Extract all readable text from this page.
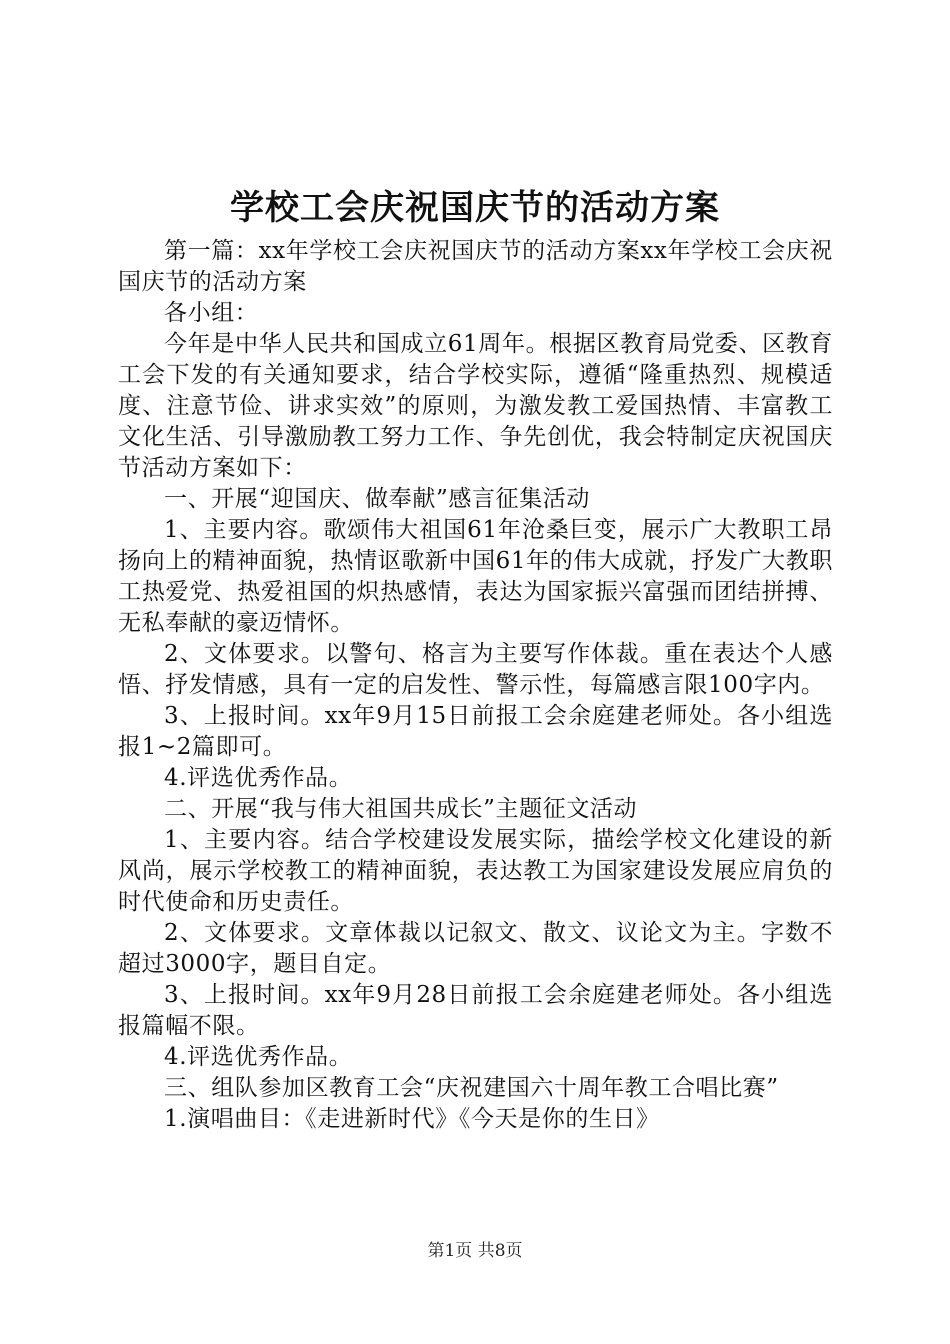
学校工会庆祝国庆节的活动方案

第一篇：xx年学校工会庆祝国庆节的活动方案xx年学校工会庆祝国庆节的活动方案

各小组：

今年是中华人民共和国成立61周年。根据区教育局党委、区教育工会下发的有关通知要求，结合学校实际，遵循“隆重热烈、规模适度、注意节俭、讲求实效”的原则，为激发教工爱国热情、丰富教工文化生活、引导激励教工努力工作、争先创优，我会特制定庆祝国庆节活动方案如下：

一、开展“迎国庆、做奉献”感言征集活动

1、主要内容。歌颂伟大祖国61年沧桑巨变，展示广大教职工昂扬向上的精神面貌，热情讴歌新中国61年的伟大成就，抒发广大教职工热爱党、热爱祖国的炽热感情，表达为国家振兴富强而团结拼搏、无私奉献的豪迈情怀。

2、文体要求。以警句、格言为主要写作体裁。重在表达个人感悟、抒发情感，具有一定的启发性、警示性，每篇感言限100字内。

3、上报时间。xx年9月15日前报工会余庭建老师处。各小组选报1~2篇即可。

4.评选优秀作品。

二、开展“我与伟大祖国共成长”主题征文活动

1、主要内容。结合学校建设发展实际，描绘学校文化建设的新风尚，展示学校教工的精神面貌，表达教工为国家建设发展应肩负的时代使命和历史责任。

2、文体要求。文章体裁以记叙文、散文、议论文为主。字数不超过3000字，题目自定。

3、上报时间。xx年9月28日前报工会余庭建老师处。各小组选报篇幅不限。

4.评选优秀作品。

三、组队参加区教育工会“庆祝建国六十周年教工合唱比赛”

1.演唱曲目：《走进新时代》《今天是你的生日》

第1页 共8页
